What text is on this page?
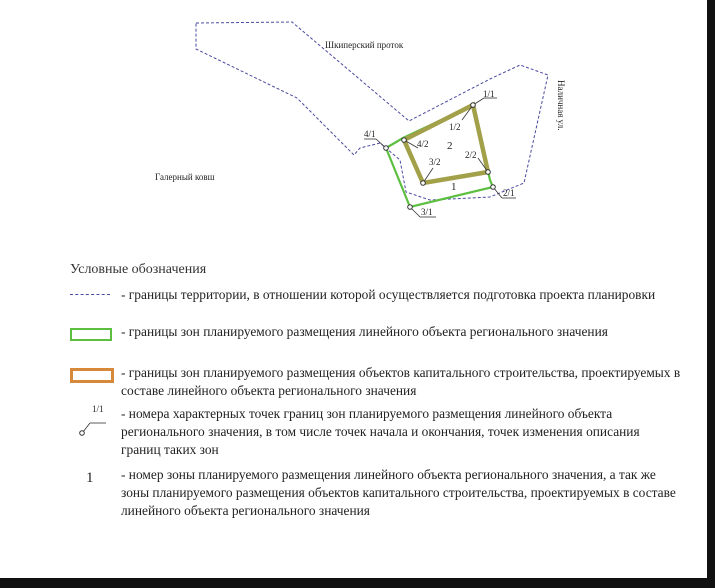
1/1
1/2
2/1
2/2
3/1
3/2
4/1
4/2
1
2
Шкиперский проток
Галерный ковш
Наличная ул.
Условные обозначения
- границы территории, в отношении которой осуществляется подготовка проекта планировки
- границы зон планируемого размещения линейного объекта регионального значения
- границы зон планируемого размещения объектов капитального строительства, проектируемых в составе линейного объекта регионального значения
1/1 - номера характерных точек границ зон планируемого размещения линейного объекта регионального значения, в том числе точек начала и окончания, точек изменения описания границ таких зон
1 - номер зоны планируемого размещения линейного объекта регионального значения, а так же зоны планируемого размещения объектов капитального строительства, проектируемых в составе линейного объекта регионального значения
